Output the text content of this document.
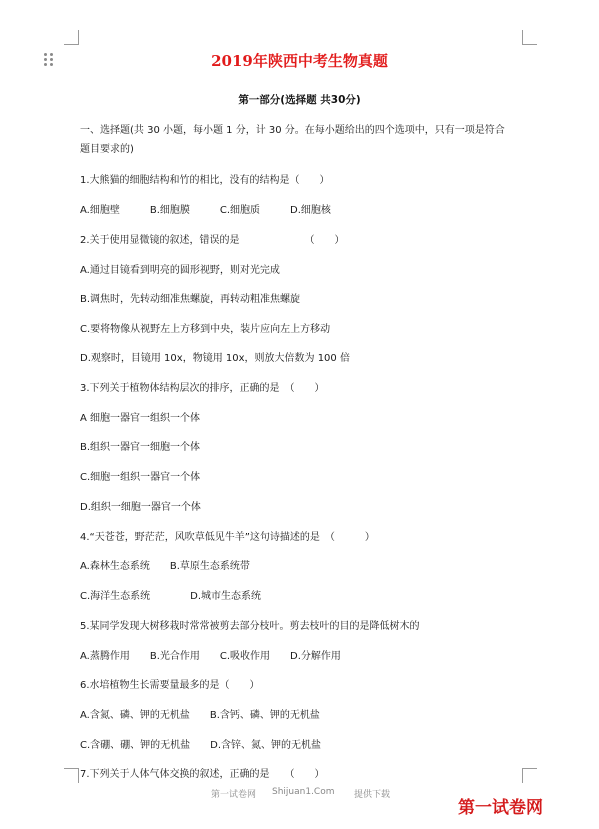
2019年陕西中考生物真题
第一部分(选择题 共30分)
一、选择题(共 30 小题，每小题 1 分，计 30 分。在每小题给出的四个选项中，只有一项是符合
题目要求的)
1.大熊猫的细胞结构和竹的相比，没有的结构是（　　）
A.细胞壁　　　B.细胞膜　　　C.细胞质　　　D.细胞核
2.关于使用显微镜的叙述，错误的是　　　　　　　（　　）
A.通过目镜看到明亮的圆形视野，则对光完成
B.调焦时，先转动细准焦螺旋，再转动粗准焦螺旋
C.要将物像从视野左上方移到中央，装片应向左上方移动
D.观察时，目镜用 10x，物镜用 10x，则放大倍数为 100 倍
3.下列关于植物体结构层次的排序，正确的是　（　　）
A 细胞一器官一组织一个体
B.组织一器官一细胞一个体
C.细胞一组织一器官一个体
D.组织一细胞一器官一个体
4.“天苍苍，野茫茫，风吹草低见牛羊”这句诗描述的是　（　　　）
A.森林生态系统　　B.草原生态系统带
C.海洋生态系统　　　　D.城市生态系统
5.某同学发现大树移栽时常常被剪去部分枝叶。剪去枝叶的目的是降低树木的
A.蒸腾作用　　B.光合作用　　C.吸收作用　　D.分解作用
6.水培植物生长需要量最多的是（　　）
A.含氮、磷、钾的无机盐　　B.含钙、磷、钾的无机盐
C.含硼、硼、钾的无机盐　　D.含锌、氮、钾的无机盐
7.下列关于人体气体交换的叙述，正确的是　　（　　）
第一试卷网 Shijuan1.Com 提供下载
第一试卷网
